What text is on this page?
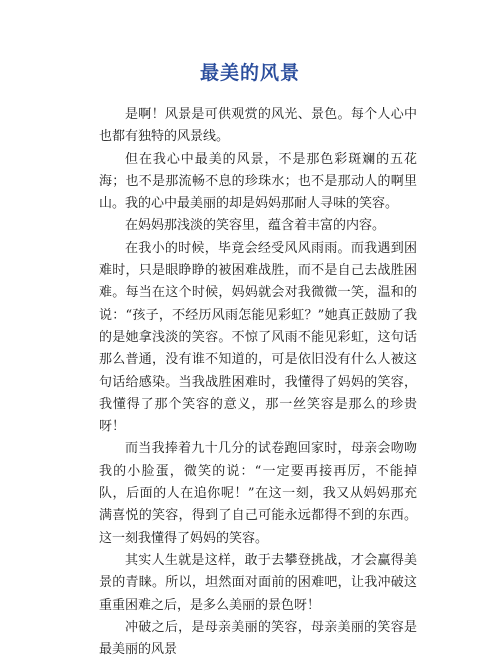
最美的风景

是啊！风景是可供观赏的风光、景色。每个人心中也都有独特的风景线。

但在我心中最美的风景，不是那色彩斑斓的五花海；也不是那流畅不息的珍珠水；也不是那动人的啊里山。我的心中最美丽的却是妈妈那耐人寻味的笑容。

在妈妈那浅淡的笑容里，蕴含着丰富的内容。

在我小的时候，毕竟会经受风风雨雨。而我遇到困难时，只是眼睁睁的被困难战胜，而不是自己去战胜困难。每当在这个时候，妈妈就会对我微微一笑，温和的说：“孩子，不经历风雨怎能见彩虹？”她真正鼓励了我的是她拿浅淡的笑容。不惊了风雨不能见彩虹，这句话那么普通，没有谁不知道的，可是依旧没有什么人被这句话给感染。当我战胜困难时，我懂得了妈妈的笑容，我懂得了那个笑容的意义，那一丝笑容是那么的珍贵呀！

而当我捧着九十几分的试卷跑回家时，母亲会吻吻我的小脸蛋，微笑的说：“一定要再接再厉，不能掉队，后面的人在追你呢！”在这一刻，我又从妈妈那充满喜悦的笑容，得到了自己可能永远都得不到的东西。这一刻我懂得了妈妈的笑容。

其实人生就是这样，敢于去攀登挑战，才会赢得美景的青睐。所以，坦然面对面前的困难吧，让我冲破这重重困难之后，是多么美丽的景色呀！

冲破之后，是母亲美丽的笑容，母亲美丽的笑容是最美丽的风景
